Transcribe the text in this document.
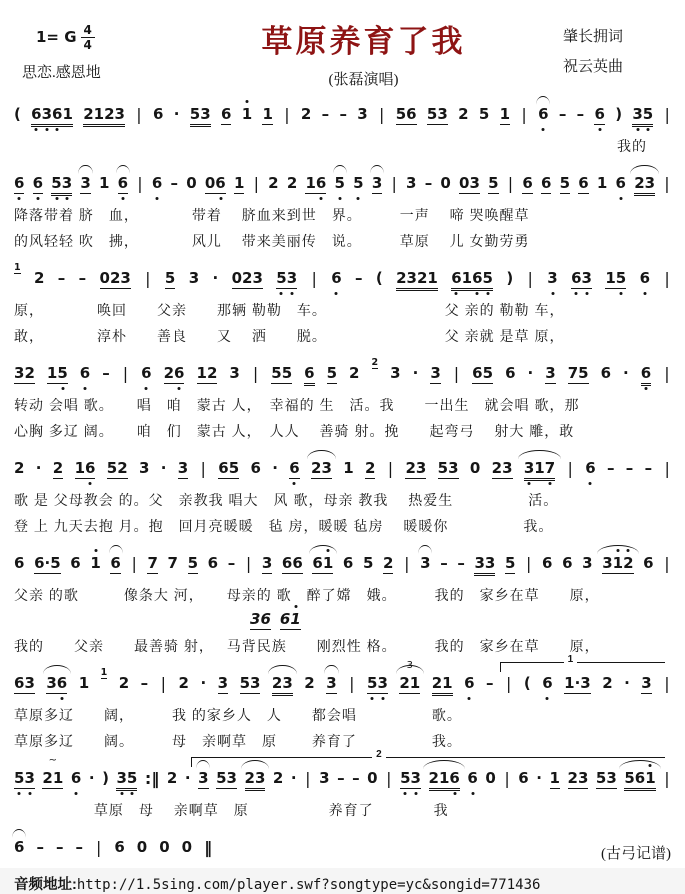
1= G $\frac{4}{4}$
思恋.感恩地
草原养育了我
(张磊演唱)
肇长拥词
祝云英曲
( 6361 2123 | 6 · 53 6 1 1 | 2 – – 3 | 56 53 2 5 1 | 6 – – 6 ) 35 |
我的
6 6 53 3 1 6 | 6 – 0 06 1 | 2 2 16 5 5 3 | 3 – 0 03 5 | 6 6 5 6 1 6 23 |
降落带着 脐　血，　　　　带着　 脐血来到世　界。　　　一声　 啼 哭唤醒草
的风轻轻 吹　拂，　　　　风儿　 带来美丽传　说。　　　草原　 儿 女勤劳勇
1
2 – – 023 | 5 3 · 023 53 | 6 – ( 2321 6165 ) | 3 63 15 6 |
原，　　　　唤回　　父亲　　那辆 勒勒　车。　　　　　　　　 父 亲的 勒勒 车，
敢，　　　　淳朴　　善良　　又　 洒　　脱。　　　　　　　　 父 亲就 是草 原，
32 15 6 – | 6 26 12 3 | 55 6 5 2
2
3 · 3 | 65 6 · 3 75 6 · 6 |
转动 会唱 歌。　　唱　咱　蒙古 人，　幸福的 生　活。我　　一出生　就会唱 歌，那
心胸 多辽 阔。　　咱　们　蒙古 人，　人人　 善骑 射。挽　　起弯弓　 射大 雕，敢
2 · 2 16 52 3 · 3 | 65 6 · 6 23 1 2 | 23 53 0 23 317 | 6 – – – |
歌 是 父母教会 的。父　亲教我 唱大　风 歌，母亲 教我　 热爱生　　　　　活。
登 上 九天去抱 月。抱　回月亮暖暖　毡 房，暖暖 毡房　 暖暖你　　　　　我。
6 6·5 6 1 6 | 7 7 5 6 – | 3 66 61 6 5 2 | 3 – – 33 5 | 6 6 3 312 6 |
父亲 的歌　　　像条大 河，　　母亲的 歌　醉了嫦　娥。　　　我的　家乡在草　　原，
36 61
我的　　父亲　　最善骑 射，　 马背民族　　刚烈性 格。　　　我的　家乡在草　　原，
1
63 36 1
1
2 – | 2 · 3 53 23 2 3 | 53 21
3
21 6 – | ( 6 1·3 2 · 3 |
草原多辽　　阔，　　　我 的家乡人　人　　都会唱　　　　　歌。
草原多辽　　阔。　　　母　亲啊草　原　　 养育了　　　　　我。
2
53 21
~
6 · ) 35 :‖ 2 · 3 53 23 2 · | 3 – – 0 | 53 216 6 0 | 6 · 1 23 53 561 |
　　　　　 草原　母　 亲啊草　原　　　　　 养育了　　　　我
6 – – – | 6 0 0 0 ‖	(古弓记谱)
音频地址:http://1.5sing.com/player.swf?songtype=yc&songid=771436
